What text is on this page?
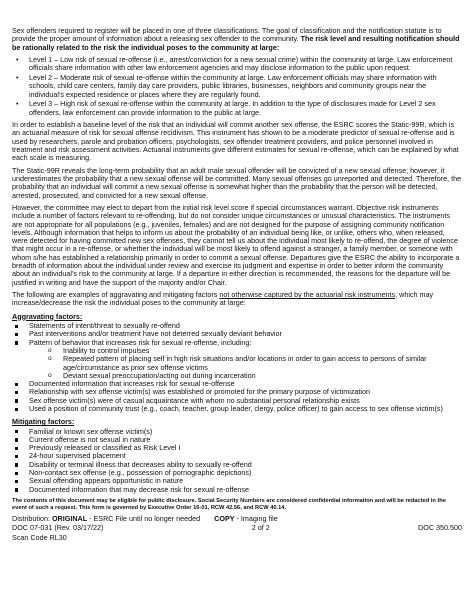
Sex offenders required to register will be placed in one of three classifications. The goal of classification and the notification statute is to provide the proper amount of information about a releasing sex offender to the community. The risk level and resulting notification should be rationally related to the risk the individual poses to the community at large:

• Level 1 – Low risk of sexual re-offense (i.e., arrest/conviction for a new sexual crime) within the community at large. Law enforcement officials share information with other law enforcement agencies and may disclose information to the public upon request.
• Level 2 – Moderate risk of sexual re-offense within the community at large. Law enforcement officials may share information with schools, child care centers, family day care providers, public libraries, businesses, neighbors and community groups near the individual’s expected residence or places where they are regularly found.
• Level 3 – High risk of sexual re-offense within the community at large. In addition to the type of disclosures made for Level 2 sex offenders, law enforcement can provide information to the public at large.

In order to establish a baseline level of the risk that an individual will commit another sex offense, the ESRC scores the Static-99R, which is an actuarial measure of risk for sexual offense recidivism. This instrument has shown to be a moderate predictor of sexual re-offense and is used by researchers, parole and probation officers, psychologists, sex offender treatment providers, and police personnel involved in treatment and risk assessment activities. Actuarial instruments give different estimates for sexual re-offense, which can be explained by what each scale is measuring.

The Static-99R reveals the long-term probability that an adult male sexual offender will be convicted of a new sexual offense; however, it underestimates the probability that a new sexual offense will be committed. Many sexual offenses go unreported and detected. Therefore, the probability that an individual will commit a new sexual offense is somewhat higher than the probability that the person will be detected, arrested, prosecuted, and convicted for a new sexual offense.

However, the committee may elect to depart from the initial risk level score if special circumstances warrant. Objective risk instruments include a number of factors relevant to re-offending, but do not consider unique circumstances or unusual characteristics. The instruments are not appropriate for all populations (e.g., juveniles, females) and are not designed for the purpose of assigning community notification levels. Although information that helps to inform us about the probability of an individual being like, or unlike, others who, when released, were detected for having committed new sex offenses, they cannot tell us about the individual most likely to re-offend, the degree of violence that might occur in a re-offense, or whether the individual will be most likely to offend against a stranger, a family member, or someone with whom s/he has established a relationship primarily in order to commit a sexual offense. Departures give the ESRC the ability to incorporate a breadth of information about the individual under review and exercise its judgment and expertise in order to better inform the community about an individual’s risk to the community at large. If a departure in either direction is recommended, the reasons for the departure will be justified in writing and have the support of the majority and/or Chair.

The following are examples of aggravating and mitigating factors not otherwise captured by the actuarial risk instruments, which may increase/decrease the risk the individual poses to the community at large:

Aggravating factors:
Statements of intent/threat to sexually re-offend
Past interventions and/or treatment have not deterred sexually deviant behavior
Pattern of behavior that increases risk for sexual re-offense, including:
o Inability to control impulses
o Repeated pattern of placing self in high risk situations and/or locations in order to gain access to persons of similar age/circumstance as prior sex offense victims
o Deviant sexual preoccupation/acting out during incarceration
Documented information that increases risk for sexual re-offense
Relationship with sex offense victim(s) was established or promoted for the primary purpose of victimization
Sex offense victim(s) were of casual acquaintance with whom no substantial personal relationship exists
Used a position of community trust (e.g., coach, teacher, group leader, clergy, police officer) to gain access to sex offense victim(s)
Mitigating factors:
Familial or known sex offense victim(s)
Current offense is not sexual in nature
Previously released or classified as Risk Level I
24-hour supervised placement
Disability or terminal illness that decreases ability to sexually re-offend
Non-contact sex offense (e.g., possession of pornographic depictions)
Sexual offending appears opportunistic in nature
Documented information that may decrease risk for sexual re-offense

The contents of this document may be eligible for public disclosure. Social Security Numbers are considered confidential information and will be redacted in the event of such a request. This form is governed by Executive Order 16-01, RCW 42.56, and RCW 40.14.

Distribution: ORIGINAL - ESRC File until no longer needed COPY - Imaging file
DOC 07-031 (Rev. 03/17/22)	2 of 2	DOC 350.500
Scan Code RL30
